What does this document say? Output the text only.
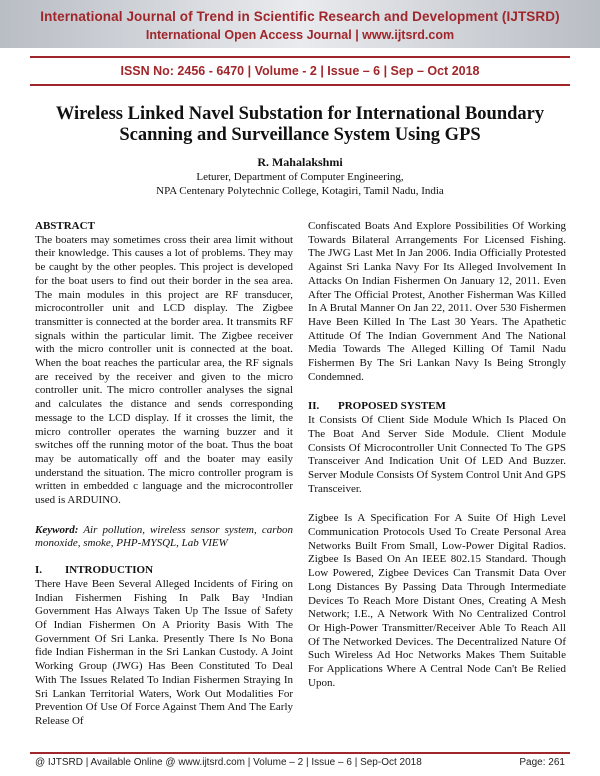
International Journal of Trend in Scientific Research and Development (IJTSRD)
International Open Access Journal | www.ijtsrd.com
ISSN No: 2456 - 6470 | Volume - 2 | Issue – 6 | Sep – Oct 2018
Wireless Linked Navel Substation for International Boundary Scanning and Surveillance System Using GPS
R. Mahalakshmi
Leturer, Department of Computer Engineering,
NPA Centenary Polytechnic College, Kotagiri, Tamil Nadu, India

ABSTRACT

The boaters may sometimes cross their area limit without their knowledge. This causes a lot of problems. They may be caught by the other peoples. This project is developed for the boat users to find out their border in the sea area. The main modules in this project are RF transducer, microcontroller unit and LCD display. The Zigbee transmitter is connected at the border area. It transmits RF signals within the particular limit. The Zigbee receiver with the micro controller unit is connected at the boat. When the boat reaches the particular area, the RF signals are received by the receiver and given to the micro controller unit. The micro controller analyses the signal and calculates the distance and sends corresponding message to the LCD display. If it crosses the limit, the micro controller operates the warning buzzer and it switches off the running motor of the boat. Thus the boat may be automatically off and the boater may easily understand the situation. The micro controller program is written in embedded c language and the microcontroller used is ARDUINO.

Keyword: Air pollution, wireless sensor system, carbon monoxide, smoke, PHP-MYSQL, Lab VIEW

I. INTRODUCTION

There Have Been Several Alleged Incidents of Firing on Indian Fishermen Fishing In Palk Bay ¹Indian Government Has Always Taken Up The Issue of Safety Of Indian Fishermen On A Priority Basis With The Government Of Sri Lanka. Presently There Is No Bona fide Indian Fisherman in the Sri Lankan Custody. A Joint Working Group (JWG) Has Been Constituted To Deal With The Issues Related To Indian Fishermen Straying In Sri Lankan Territorial Waters, Work Out Modalities For Prevention Of Use Of Force Against Them And The Early Release Of

Confiscated Boats And Explore Possibilities Of Working Towards Bilateral Arrangements For Licensed Fishing. The JWG Last Met In Jan 2006. India Officially Protested Against Sri Lanka Navy For Its Alleged Involvement In Attacks On Indian Fishermen On January 12, 2011. Even After The Official Protest, Another Fisherman Was Killed In A Brutal Manner On Jan 22, 2011. Over 530 Fishermen Have Been Killed In The Last 30 Years. The Apathetic Attitude Of The Indian Government And The National Media Towards The Alleged Killing Of Tamil Nadu Fishermen By The Sri Lankan Navy Is Being Strongly Condemned.

II. PROPOSED SYSTEM

It Consists Of Client Side Module Which Is Placed On The Boat And Server Side Module. Client Module Consists Of Microcontroller Unit Connected To The GPS Transceiver And Indication Unit Of LED And Buzzer. Server Module Consists Of System Control Unit And GPS Transceiver.

Zigbee Is A Specification For A Suite Of High Level Communication Protocols Used To Create Personal Area Networks Built From Small, Low-Power Digital Radios. Zigbee Is Based On An IEEE 802.15 Standard. Though Low Powered, Zigbee Devices Can Transmit Data Over Long Distances By Passing Data Through Intermediate Devices To Reach More Distant Ones, Creating A Mesh Network; I.E., A Network With No Centralized Control Or High-Power Transmitter/Receiver Able To Reach All Of The Networked Devices. The Decentralized Nature Of Such Wireless Ad Hoc Networks Makes Them Suitable For Applications Where A Central Node Can't Be Relied Upon.

@ IJTSRD | Available Online @ www.ijtsrd.com | Volume – 2 | Issue – 6 | Sep-Oct 2018	Page: 261
